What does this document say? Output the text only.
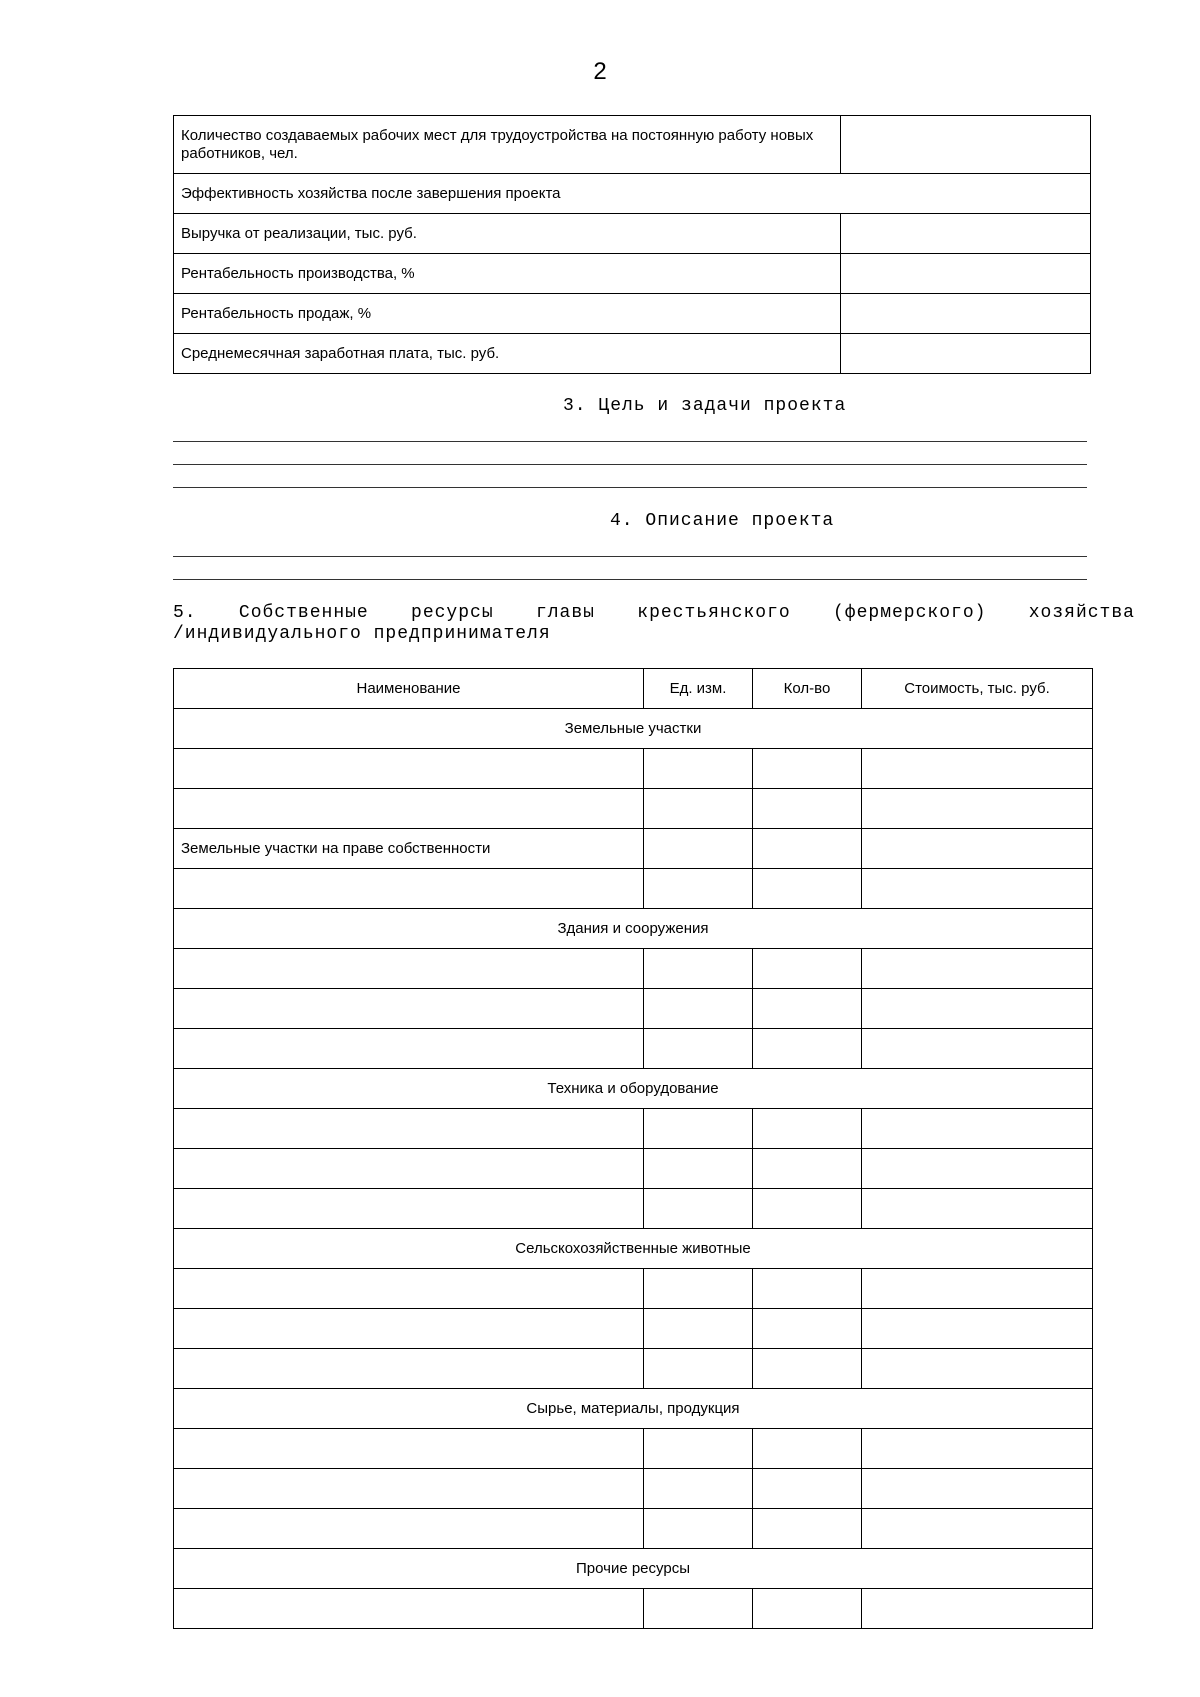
2
Количество создаваемых рабочих мест для трудоустройства на постоянную работу новых работников, чел.	
Эффективность хозяйства после завершения проекта	
Выручка от реализации, тыс. руб.	
Рентабельность производства, %	
Рентабельность продаж, %	
Среднемесячная заработная плата, тыс. руб.	
3. Цель и задачи проекта
4. Описание проекта
5. Собственные ресурсы главы крестьянского (фермерского) хозяйства
/индивидуального предпринимателя
Наименование	Ед. изм.	Кол-во	Стоимость, тыс. руб.
Земельные участки			

Земельные участки на праве собственности			

Здания и сооружения			

Техника и оборудование			

Сельскохозяйственные животные			

Сырье, материалы, продукция			

Прочие ресурсы			
